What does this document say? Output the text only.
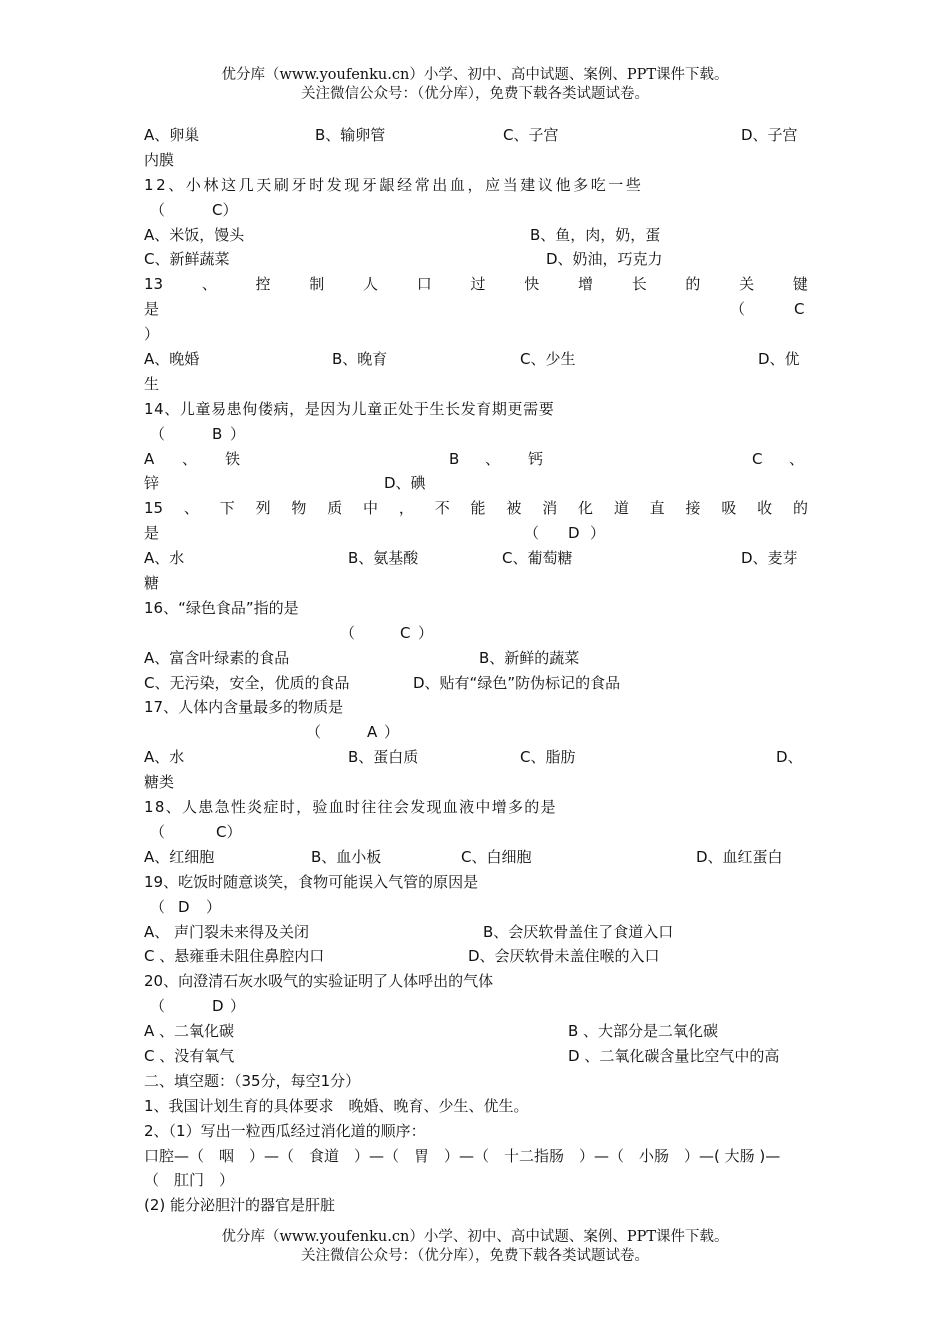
优分库（www.youfenku.cn）小学、初中、高中试题、案例、PPT课件下载。
关注微信公众号：（优分库），免费下载各类试题试卷。
A、卵巢	B、输卵管	C、子宫	D、子宫
内膜
12、小林这几天刷牙时发现牙龈经常出血，应当建议他多吃一些
（	C）
A、米饭，馒头	B、鱼，肉，奶，蛋
C、新鲜蔬菜	D、奶油，巧克力
13	、	控	制	人	口	过	快	增	长	的	关	键
是	（	C
）
A、晚婚	B、晚育	C、少生	D、优
生
14、儿童易患佝偻病，是因为儿童正处于生长发育期更需要
（	B ）
A 、 铁	B 、 钙	C 、
锌	D、碘
15 、 下 列 物 质 中 ， 不 能 被 消 化 道 直 接 吸 收 的
是	（ D ）
A、水	B、氨基酸	C、葡萄糖	D、麦芽
糖
16、“绿色食品”指的是
（	C ）
A、富含叶绿素的食品	B、新鲜的蔬菜
C、无污染，安全，优质的食品	D、贴有“绿色”防伪标记的食品
17、人体内含量最多的物质是
（	A ）
A、水	B、蛋白质	C、脂肪	D、
糖类
18、人患急性炎症时，验血时往往会发现血液中增多的是
（	C）
A、红细胞	B、血小板	C、白细胞	D、血红蛋白
19、吃饭时随意谈笑，食物可能误入气管的原因是
（ D ）
A、 声门裂未来得及关闭	B、会厌软骨盖住了食道入口
C 、悬雍垂未阻住鼻腔内口	D、会厌软骨未盖住喉的入口
20、向澄清石灰水吸气的实验证明了人体呼出的气体
（	D ）
A 、二氧化碳	B 、大部分是二氧化碳
C 、没有氧气	D 、二氧化碳含量比空气中的高
二、填空题：（35分，每空1分）
1、我国计划生育的具体要求　晚婚、晚育、少生、优生。
2、（1）写出一粒西瓜经过消化道的顺序：
口腔—（　咽　）—（　食道　）—（　胃　）—（　十二指肠　）—（　小肠　）—( 大肠 )—
（　肛门　）
(2) 能分泌胆汁的器官是肝脏
优分库（www.youfenku.cn）小学、初中、高中试题、案例、PPT课件下载。
关注微信公众号：（优分库），免费下载各类试题试卷。
